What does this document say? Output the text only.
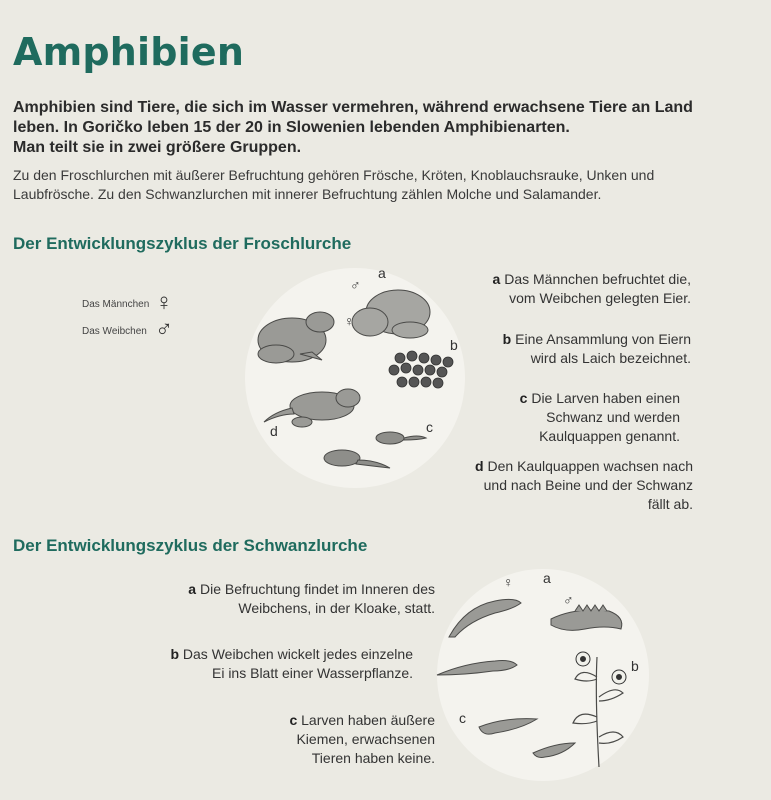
Amphibien

Amphibien sind Tiere, die sich im Wasser vermehren, während erwachsene Tiere an Land
leben. In Goričko leben 15 der 20 in Slowenien lebenden Amphibienarten.
Man teilt sie in zwei größere Gruppen.

Zu den Froschlurchen mit äußerer Befruchtung gehören Frösche, Kröten, Knoblauchsrauke, Unken und
Laubfrösche. Zu den Schwanzlurchen mit innerer Befruchtung zählen Molche und Salamander.

Der Entwicklungszyklus der Froschlurche
Das Männchen ♀
Das Weibchen ♂
a
♂
♀
b
d	c
a Das Männchen befruchtet die,
vom Weibchen gelegten Eier.
b Eine Ansammlung von Eiern
wird als Laich bezeichnet.
c Die Larven haben einen
Schwanz und werden
Kaulquappen genannt.
d Den Kaulquappen wachsen nach
und nach Beine und der Schwanz
fällt ab.
Der Entwicklungszyklus der Schwanzlurche
♀ a
♂
b
c
a Die Befruchtung findet im Inneren des
Weibchens, in der Kloake, statt.
b Das Weibchen wickelt jedes einzelne
Ei ins Blatt einer Wasserpflanze.
c Larven haben äußere
Kiemen, erwachsenen
Tieren haben keine.
